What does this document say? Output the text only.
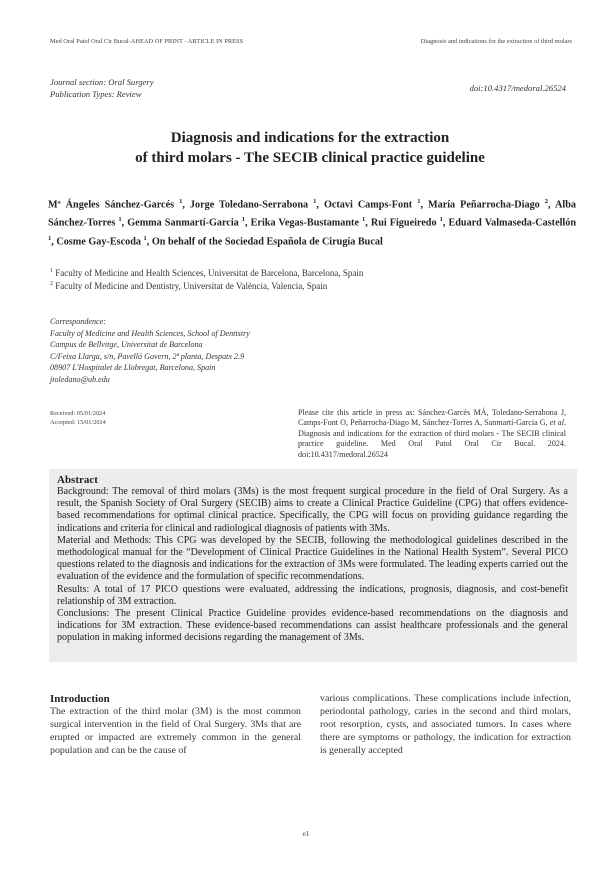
Med Oral Patol Oral Cir Bucal-AHEAD OF PRINT - ARTICLE IN PRESS	Diagnosis and indications for the extraction of third molars
Journal section: Oral Surgery
Publication Types: Review
doi:10.4317/medoral.26524
Diagnosis and indications for the extraction
of third molars - The SECIB clinical practice guideline
Mª Ángeles Sánchez-Garcés $^1$, Jorge Toledano-Serrabona $^1$, Octavi Camps-Font $^1$, María Peñarrocha-Diago $^2$, Alba Sánchez-Torres $^1$, Gemma Sanmartí-Garcia $^1$, Erika Vegas-Bustamante $^1$, Rui Figueiredo $^1$, Eduard Valmaseda-Castellón $^1$, Cosme Gay-Escoda $^1$, On behalf of the Sociedad Española de Cirugía Bucal
$^1$ Faculty of Medicine and Health Sciences, Universitat de Barcelona, Barcelona, Spain
$^2$ Faculty of Medicine and Dentistry, Universitat de València, Valencia, Spain
Correspondence:
Faculty of Medicine and Health Sciences, School of Dentistry
Campus de Bellvitge, Universitat de Barcelona
C/Feixa Llarga, s/n, Pavelló Govern, 2ª planta, Despatx 2.9
08907 L'Hospitalet de Llobregat, Barcelona, Spain
jtoledano@ub.edu
Received: 05/01/2024
Accepted: 15/01/2024
Please cite this article in press as: Sánchez-Garcés MÁ, Toledano-Serrabona J, Camps-Font O, Peñarrocha-Diago M, Sánchez-Torres A, Sanmartí-Garcia G, et al. Diagnosis and indications for the extraction of third molars - The SECIB clinical practice guideline. Med Oral Patol Oral Cir Bucal. 2024. doi:10.4317/medoral.26524
Abstract

Background: The removal of third molars (3Ms) is the most frequent surgical procedure in the field of Oral Surgery. As a result, the Spanish Society of Oral Surgery (SECIB) aims to create a Clinical Practice Guideline (CPG) that offers evidence-based recommendations for optimal clinical practice. Specifically, the CPG will focus on providing guidance regarding the indications and criteria for clinical and radiological diagnosis of patients with 3Ms.

Material and Methods: This CPG was developed by the SECIB, following the methodological guidelines described in the methodological manual for the “Development of Clinical Practice Guidelines in the National Health System”. Several PICO questions related to the diagnosis and indications for the extraction of 3Ms were formulated. The leading experts carried out the evaluation of the evidence and the formulation of specific recommendations.

Results: A total of 17 PICO questions were evaluated, addressing the indications, prognosis, diagnosis, and cost-benefit relationship of 3M extraction.

Conclusions: The present Clinical Practice Guideline provides evidence-based recommendations on the diagnosis and indications for 3M extraction. These evidence-based recommendations can assist healthcare professionals and the general population in making informed decisions regarding the management of 3Ms.

Introduction
The extraction of the third molar (3M) is the most common surgical intervention in the field of Oral Surgery. 3Ms that are erupted or impacted are extremely common in the general population and can be the cause of
various complications. These complications include infection, periodontal pathology, caries in the second and third molars, root resorption, cysts, and associated tumors. In cases where there are symptoms or pathology, the indication for extraction is generally accepted
e1
